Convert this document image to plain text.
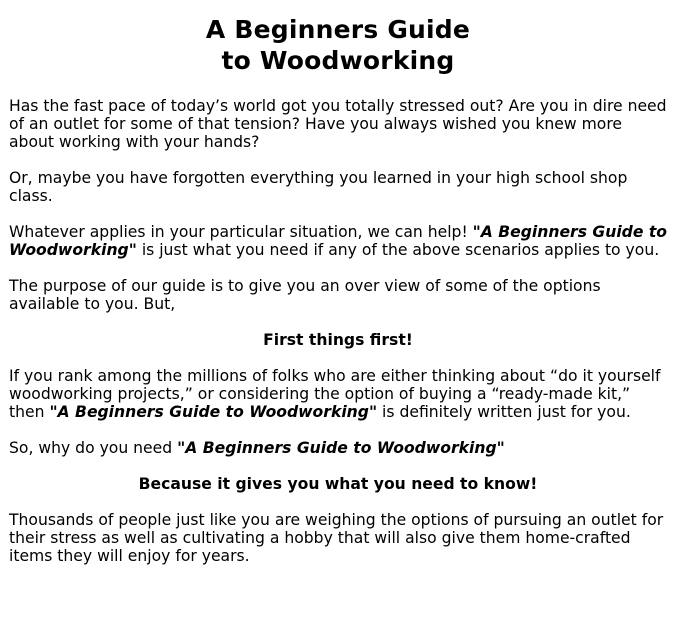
A Beginners Guide
to Woodworking

Has the fast pace of today’s world got you totally stressed out? Are you in dire need of an outlet for some of that tension? Have you always wished you knew more about working with your hands?

Or, maybe you have forgotten everything you learned in your high school shop class.

Whatever applies in your particular situation, we can help! "A Beginners Guide to Woodworking" is just what you need if any of the above scenarios applies to you.

The purpose of our guide is to give you an over view of some of the options available to you. But,

First things first!

If you rank among the millions of folks who are either thinking about “do it yourself woodworking projects,” or considering the option of buying a “ready-made kit,” then "A Beginners Guide to Woodworking" is definitely written just for you.

So, why do you need "A Beginners Guide to Woodworking"

Because it gives you what you need to know!

Thousands of people just like you are weighing the options of pursuing an outlet for their stress as well as cultivating a hobby that will also give them home-crafted items they will enjoy for years.
